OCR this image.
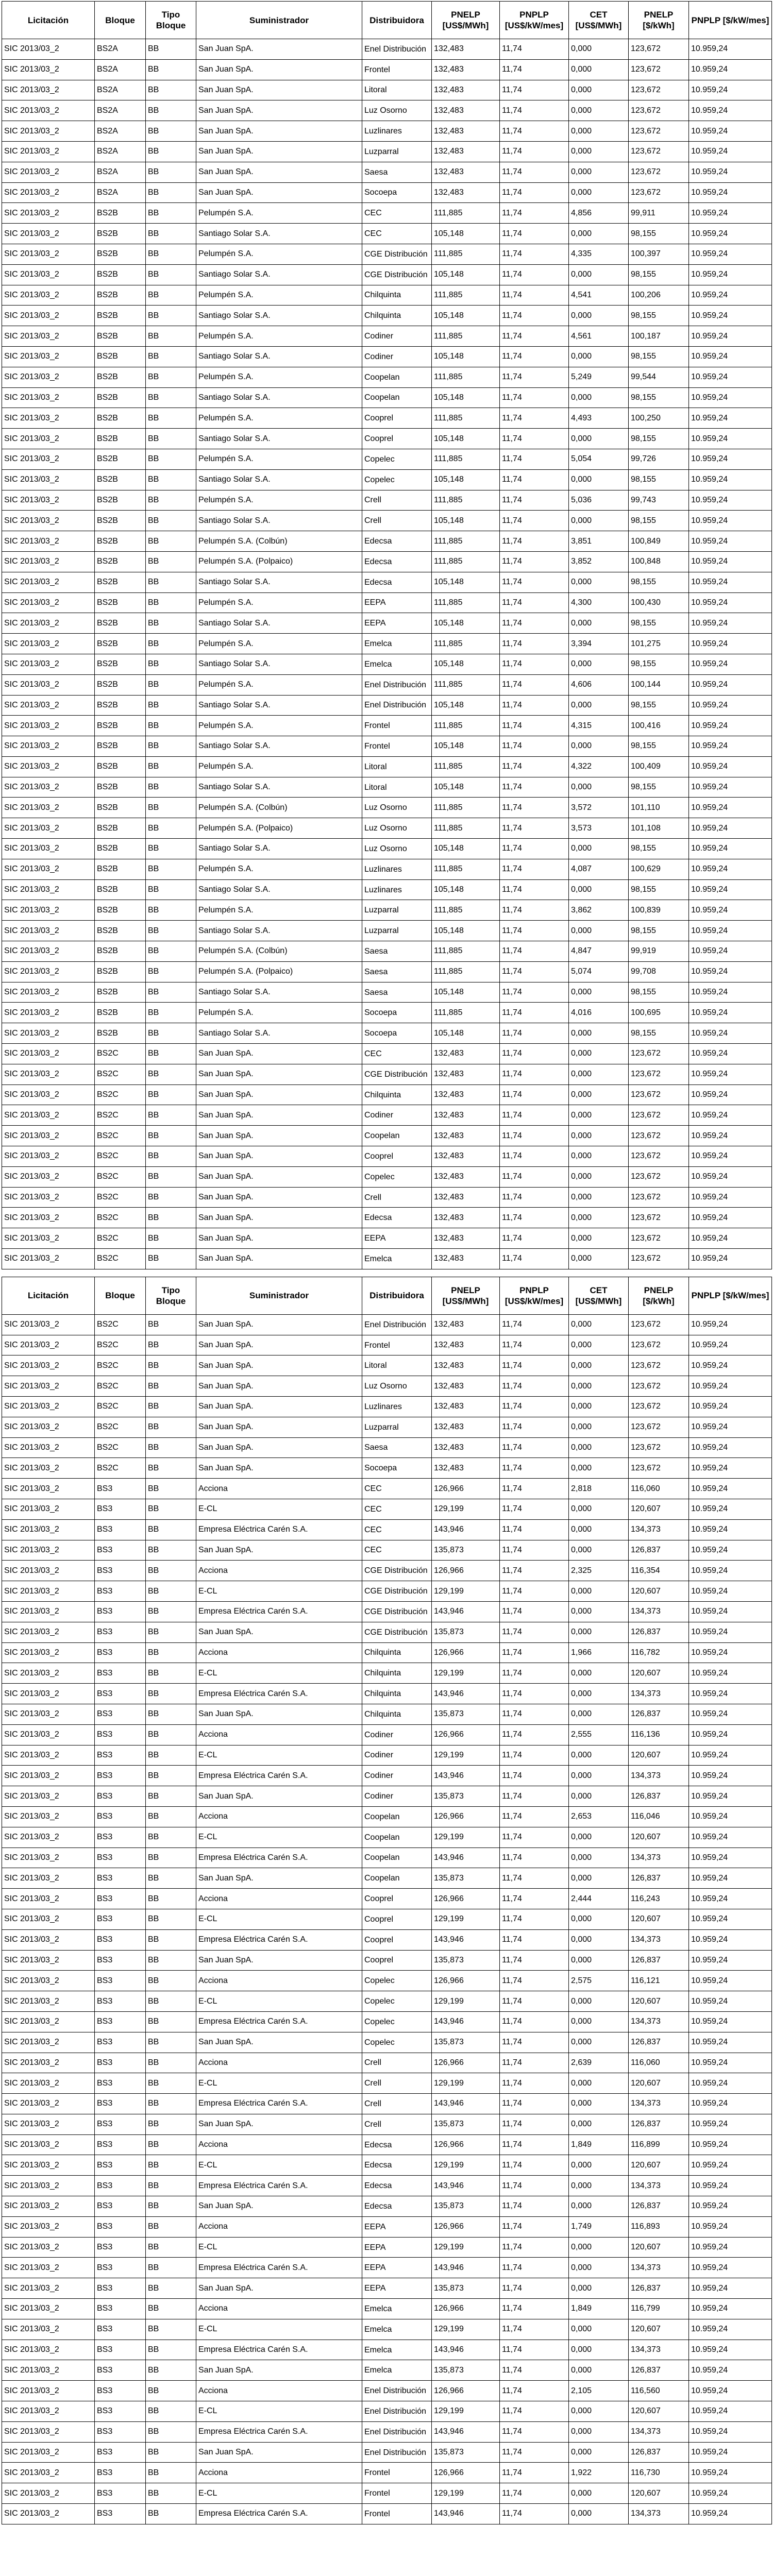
Licitación	Bloque	Tipo Bloque	Suministrador	Distribuidora	PNELP [US$/MWh]	PNPLP [US$/kW/mes]	CET [US$/MWh]	PNELP [$/kWh]	PNPLP [$/kW/mes]
SIC 2013/03_2	BS2A	BB	San Juan SpA.	Enel Distribución	132,483	11,74	0,000	123,672	10.959,24
SIC 2013/03_2	BS2A	BB	San Juan SpA.	Frontel	132,483	11,74	0,000	123,672	10.959,24
SIC 2013/03_2	BS2A	BB	San Juan SpA.	Litoral	132,483	11,74	0,000	123,672	10.959,24
SIC 2013/03_2	BS2A	BB	San Juan SpA.	Luz Osorno	132,483	11,74	0,000	123,672	10.959,24
SIC 2013/03_2	BS2A	BB	San Juan SpA.	Luzlinares	132,483	11,74	0,000	123,672	10.959,24
SIC 2013/03_2	BS2A	BB	San Juan SpA.	Luzparral	132,483	11,74	0,000	123,672	10.959,24
SIC 2013/03_2	BS2A	BB	San Juan SpA.	Saesa	132,483	11,74	0,000	123,672	10.959,24
SIC 2013/03_2	BS2A	BB	San Juan SpA.	Socoepa	132,483	11,74	0,000	123,672	10.959,24
SIC 2013/03_2	BS2B	BB	Pelumpén S.A.	CEC	111,885	11,74	4,856	99,911	10.959,24
SIC 2013/03_2	BS2B	BB	Santiago Solar S.A.	CEC	105,148	11,74	0,000	98,155	10.959,24
SIC 2013/03_2	BS2B	BB	Pelumpén S.A.	CGE Distribución	111,885	11,74	4,335	100,397	10.959,24
SIC 2013/03_2	BS2B	BB	Santiago Solar S.A.	CGE Distribución	105,148	11,74	0,000	98,155	10.959,24
SIC 2013/03_2	BS2B	BB	Pelumpén S.A.	Chilquinta	111,885	11,74	4,541	100,206	10.959,24
SIC 2013/03_2	BS2B	BB	Santiago Solar S.A.	Chilquinta	105,148	11,74	0,000	98,155	10.959,24
SIC 2013/03_2	BS2B	BB	Pelumpén S.A.	Codiner	111,885	11,74	4,561	100,187	10.959,24
SIC 2013/03_2	BS2B	BB	Santiago Solar S.A.	Codiner	105,148	11,74	0,000	98,155	10.959,24
SIC 2013/03_2	BS2B	BB	Pelumpén S.A.	Coopelan	111,885	11,74	5,249	99,544	10.959,24
SIC 2013/03_2	BS2B	BB	Santiago Solar S.A.	Coopelan	105,148	11,74	0,000	98,155	10.959,24
SIC 2013/03_2	BS2B	BB	Pelumpén S.A.	Cooprel	111,885	11,74	4,493	100,250	10.959,24
SIC 2013/03_2	BS2B	BB	Santiago Solar S.A.	Cooprel	105,148	11,74	0,000	98,155	10.959,24
SIC 2013/03_2	BS2B	BB	Pelumpén S.A.	Copelec	111,885	11,74	5,054	99,726	10.959,24
SIC 2013/03_2	BS2B	BB	Santiago Solar S.A.	Copelec	105,148	11,74	0,000	98,155	10.959,24
SIC 2013/03_2	BS2B	BB	Pelumpén S.A.	Crell	111,885	11,74	5,036	99,743	10.959,24
SIC 2013/03_2	BS2B	BB	Santiago Solar S.A.	Crell	105,148	11,74	0,000	98,155	10.959,24
SIC 2013/03_2	BS2B	BB	Pelumpén S.A. (Colbún)	Edecsa	111,885	11,74	3,851	100,849	10.959,24
SIC 2013/03_2	BS2B	BB	Pelumpén S.A. (Polpaico)	Edecsa	111,885	11,74	3,852	100,848	10.959,24
SIC 2013/03_2	BS2B	BB	Santiago Solar S.A.	Edecsa	105,148	11,74	0,000	98,155	10.959,24
SIC 2013/03_2	BS2B	BB	Pelumpén S.A.	EEPA	111,885	11,74	4,300	100,430	10.959,24
SIC 2013/03_2	BS2B	BB	Santiago Solar S.A.	EEPA	105,148	11,74	0,000	98,155	10.959,24
SIC 2013/03_2	BS2B	BB	Pelumpén S.A.	Emelca	111,885	11,74	3,394	101,275	10.959,24
SIC 2013/03_2	BS2B	BB	Santiago Solar S.A.	Emelca	105,148	11,74	0,000	98,155	10.959,24
SIC 2013/03_2	BS2B	BB	Pelumpén S.A.	Enel Distribución	111,885	11,74	4,606	100,144	10.959,24
SIC 2013/03_2	BS2B	BB	Santiago Solar S.A.	Enel Distribución	105,148	11,74	0,000	98,155	10.959,24
SIC 2013/03_2	BS2B	BB	Pelumpén S.A.	Frontel	111,885	11,74	4,315	100,416	10.959,24
SIC 2013/03_2	BS2B	BB	Santiago Solar S.A.	Frontel	105,148	11,74	0,000	98,155	10.959,24
SIC 2013/03_2	BS2B	BB	Pelumpén S.A.	Litoral	111,885	11,74	4,322	100,409	10.959,24
SIC 2013/03_2	BS2B	BB	Santiago Solar S.A.	Litoral	105,148	11,74	0,000	98,155	10.959,24
SIC 2013/03_2	BS2B	BB	Pelumpén S.A. (Colbún)	Luz Osorno	111,885	11,74	3,572	101,110	10.959,24
SIC 2013/03_2	BS2B	BB	Pelumpén S.A. (Polpaico)	Luz Osorno	111,885	11,74	3,573	101,108	10.959,24
SIC 2013/03_2	BS2B	BB	Santiago Solar S.A.	Luz Osorno	105,148	11,74	0,000	98,155	10.959,24
SIC 2013/03_2	BS2B	BB	Pelumpén S.A.	Luzlinares	111,885	11,74	4,087	100,629	10.959,24
SIC 2013/03_2	BS2B	BB	Santiago Solar S.A.	Luzlinares	105,148	11,74	0,000	98,155	10.959,24
SIC 2013/03_2	BS2B	BB	Pelumpén S.A.	Luzparral	111,885	11,74	3,862	100,839	10.959,24
SIC 2013/03_2	BS2B	BB	Santiago Solar S.A.	Luzparral	105,148	11,74	0,000	98,155	10.959,24
SIC 2013/03_2	BS2B	BB	Pelumpén S.A. (Colbún)	Saesa	111,885	11,74	4,847	99,919	10.959,24
SIC 2013/03_2	BS2B	BB	Pelumpén S.A. (Polpaico)	Saesa	111,885	11,74	5,074	99,708	10.959,24
SIC 2013/03_2	BS2B	BB	Santiago Solar S.A.	Saesa	105,148	11,74	0,000	98,155	10.959,24
SIC 2013/03_2	BS2B	BB	Pelumpén S.A.	Socoepa	111,885	11,74	4,016	100,695	10.959,24
SIC 2013/03_2	BS2B	BB	Santiago Solar S.A.	Socoepa	105,148	11,74	0,000	98,155	10.959,24
SIC 2013/03_2	BS2C	BB	San Juan SpA.	CEC	132,483	11,74	0,000	123,672	10.959,24
SIC 2013/03_2	BS2C	BB	San Juan SpA.	CGE Distribución	132,483	11,74	0,000	123,672	10.959,24
SIC 2013/03_2	BS2C	BB	San Juan SpA.	Chilquinta	132,483	11,74	0,000	123,672	10.959,24
SIC 2013/03_2	BS2C	BB	San Juan SpA.	Codiner	132,483	11,74	0,000	123,672	10.959,24
SIC 2013/03_2	BS2C	BB	San Juan SpA.	Coopelan	132,483	11,74	0,000	123,672	10.959,24
SIC 2013/03_2	BS2C	BB	San Juan SpA.	Cooprel	132,483	11,74	0,000	123,672	10.959,24
SIC 2013/03_2	BS2C	BB	San Juan SpA.	Copelec	132,483	11,74	0,000	123,672	10.959,24
SIC 2013/03_2	BS2C	BB	San Juan SpA.	Crell	132,483	11,74	0,000	123,672	10.959,24
SIC 2013/03_2	BS2C	BB	San Juan SpA.	Edecsa	132,483	11,74	0,000	123,672	10.959,24
SIC 2013/03_2	BS2C	BB	San Juan SpA.	EEPA	132,483	11,74	0,000	123,672	10.959,24
SIC 2013/03_2	BS2C	BB	San Juan SpA.	Emelca	132,483	11,74	0,000	123,672	10.959,24
Licitación	Bloque	Tipo Bloque	Suministrador	Distribuidora	PNELP [US$/MWh]	PNPLP [US$/kW/mes]	CET [US$/MWh]	PNELP [$/kWh]	PNPLP [$/kW/mes]
SIC 2013/03_2	BS2C	BB	San Juan SpA.	Enel Distribución	132,483	11,74	0,000	123,672	10.959,24
SIC 2013/03_2	BS2C	BB	San Juan SpA.	Frontel	132,483	11,74	0,000	123,672	10.959,24
SIC 2013/03_2	BS2C	BB	San Juan SpA.	Litoral	132,483	11,74	0,000	123,672	10.959,24
SIC 2013/03_2	BS2C	BB	San Juan SpA.	Luz Osorno	132,483	11,74	0,000	123,672	10.959,24
SIC 2013/03_2	BS2C	BB	San Juan SpA.	Luzlinares	132,483	11,74	0,000	123,672	10.959,24
SIC 2013/03_2	BS2C	BB	San Juan SpA.	Luzparral	132,483	11,74	0,000	123,672	10.959,24
SIC 2013/03_2	BS2C	BB	San Juan SpA.	Saesa	132,483	11,74	0,000	123,672	10.959,24
SIC 2013/03_2	BS2C	BB	San Juan SpA.	Socoepa	132,483	11,74	0,000	123,672	10.959,24
SIC 2013/03_2	BS3	BB	Acciona	CEC	126,966	11,74	2,818	116,060	10.959,24
SIC 2013/03_2	BS3	BB	E-CL	CEC	129,199	11,74	0,000	120,607	10.959,24
SIC 2013/03_2	BS3	BB	Empresa Eléctrica Carén S.A.	CEC	143,946	11,74	0,000	134,373	10.959,24
SIC 2013/03_2	BS3	BB	San Juan SpA.	CEC	135,873	11,74	0,000	126,837	10.959,24
SIC 2013/03_2	BS3	BB	Acciona	CGE Distribución	126,966	11,74	2,325	116,354	10.959,24
SIC 2013/03_2	BS3	BB	E-CL	CGE Distribución	129,199	11,74	0,000	120,607	10.959,24
SIC 2013/03_2	BS3	BB	Empresa Eléctrica Carén S.A.	CGE Distribución	143,946	11,74	0,000	134,373	10.959,24
SIC 2013/03_2	BS3	BB	San Juan SpA.	CGE Distribución	135,873	11,74	0,000	126,837	10.959,24
SIC 2013/03_2	BS3	BB	Acciona	Chilquinta	126,966	11,74	1,966	116,782	10.959,24
SIC 2013/03_2	BS3	BB	E-CL	Chilquinta	129,199	11,74	0,000	120,607	10.959,24
SIC 2013/03_2	BS3	BB	Empresa Eléctrica Carén S.A.	Chilquinta	143,946	11,74	0,000	134,373	10.959,24
SIC 2013/03_2	BS3	BB	San Juan SpA.	Chilquinta	135,873	11,74	0,000	126,837	10.959,24
SIC 2013/03_2	BS3	BB	Acciona	Codiner	126,966	11,74	2,555	116,136	10.959,24
SIC 2013/03_2	BS3	BB	E-CL	Codiner	129,199	11,74	0,000	120,607	10.959,24
SIC 2013/03_2	BS3	BB	Empresa Eléctrica Carén S.A.	Codiner	143,946	11,74	0,000	134,373	10.959,24
SIC 2013/03_2	BS3	BB	San Juan SpA.	Codiner	135,873	11,74	0,000	126,837	10.959,24
SIC 2013/03_2	BS3	BB	Acciona	Coopelan	126,966	11,74	2,653	116,046	10.959,24
SIC 2013/03_2	BS3	BB	E-CL	Coopelan	129,199	11,74	0,000	120,607	10.959,24
SIC 2013/03_2	BS3	BB	Empresa Eléctrica Carén S.A.	Coopelan	143,946	11,74	0,000	134,373	10.959,24
SIC 2013/03_2	BS3	BB	San Juan SpA.	Coopelan	135,873	11,74	0,000	126,837	10.959,24
SIC 2013/03_2	BS3	BB	Acciona	Cooprel	126,966	11,74	2,444	116,243	10.959,24
SIC 2013/03_2	BS3	BB	E-CL	Cooprel	129,199	11,74	0,000	120,607	10.959,24
SIC 2013/03_2	BS3	BB	Empresa Eléctrica Carén S.A.	Cooprel	143,946	11,74	0,000	134,373	10.959,24
SIC 2013/03_2	BS3	BB	San Juan SpA.	Cooprel	135,873	11,74	0,000	126,837	10.959,24
SIC 2013/03_2	BS3	BB	Acciona	Copelec	126,966	11,74	2,575	116,121	10.959,24
SIC 2013/03_2	BS3	BB	E-CL	Copelec	129,199	11,74	0,000	120,607	10.959,24
SIC 2013/03_2	BS3	BB	Empresa Eléctrica Carén S.A.	Copelec	143,946	11,74	0,000	134,373	10.959,24
SIC 2013/03_2	BS3	BB	San Juan SpA.	Copelec	135,873	11,74	0,000	126,837	10.959,24
SIC 2013/03_2	BS3	BB	Acciona	Crell	126,966	11,74	2,639	116,060	10.959,24
SIC 2013/03_2	BS3	BB	E-CL	Crell	129,199	11,74	0,000	120,607	10.959,24
SIC 2013/03_2	BS3	BB	Empresa Eléctrica Carén S.A.	Crell	143,946	11,74	0,000	134,373	10.959,24
SIC 2013/03_2	BS3	BB	San Juan SpA.	Crell	135,873	11,74	0,000	126,837	10.959,24
SIC 2013/03_2	BS3	BB	Acciona	Edecsa	126,966	11,74	1,849	116,899	10.959,24
SIC 2013/03_2	BS3	BB	E-CL	Edecsa	129,199	11,74	0,000	120,607	10.959,24
SIC 2013/03_2	BS3	BB	Empresa Eléctrica Carén S.A.	Edecsa	143,946	11,74	0,000	134,373	10.959,24
SIC 2013/03_2	BS3	BB	San Juan SpA.	Edecsa	135,873	11,74	0,000	126,837	10.959,24
SIC 2013/03_2	BS3	BB	Acciona	EEPA	126,966	11,74	1,749	116,893	10.959,24
SIC 2013/03_2	BS3	BB	E-CL	EEPA	129,199	11,74	0,000	120,607	10.959,24
SIC 2013/03_2	BS3	BB	Empresa Eléctrica Carén S.A.	EEPA	143,946	11,74	0,000	134,373	10.959,24
SIC 2013/03_2	BS3	BB	San Juan SpA.	EEPA	135,873	11,74	0,000	126,837	10.959,24
SIC 2013/03_2	BS3	BB	Acciona	Emelca	126,966	11,74	1,849	116,799	10.959,24
SIC 2013/03_2	BS3	BB	E-CL	Emelca	129,199	11,74	0,000	120,607	10.959,24
SIC 2013/03_2	BS3	BB	Empresa Eléctrica Carén S.A.	Emelca	143,946	11,74	0,000	134,373	10.959,24
SIC 2013/03_2	BS3	BB	San Juan SpA.	Emelca	135,873	11,74	0,000	126,837	10.959,24
SIC 2013/03_2	BS3	BB	Acciona	Enel Distribución	126,966	11,74	2,105	116,560	10.959,24
SIC 2013/03_2	BS3	BB	E-CL	Enel Distribución	129,199	11,74	0,000	120,607	10.959,24
SIC 2013/03_2	BS3	BB	Empresa Eléctrica Carén S.A.	Enel Distribución	143,946	11,74	0,000	134,373	10.959,24
SIC 2013/03_2	BS3	BB	San Juan SpA.	Enel Distribución	135,873	11,74	0,000	126,837	10.959,24
SIC 2013/03_2	BS3	BB	Acciona	Frontel	126,966	11,74	1,922	116,730	10.959,24
SIC 2013/03_2	BS3	BB	E-CL	Frontel	129,199	11,74	0,000	120,607	10.959,24
SIC 2013/03_2	BS3	BB	Empresa Eléctrica Carén S.A.	Frontel	143,946	11,74	0,000	134,373	10.959,24
